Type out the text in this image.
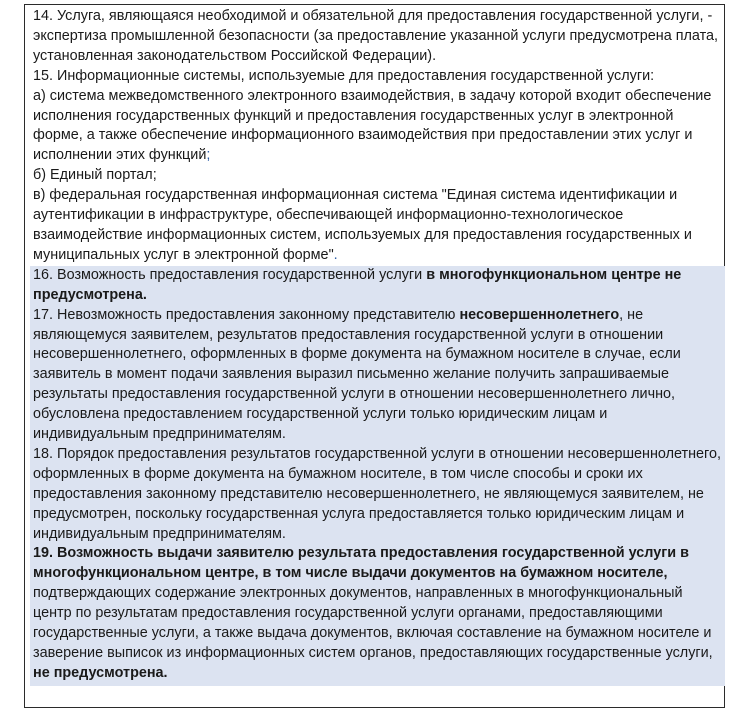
14. Услуга, являющаяся необходимой и обязательной для предоставления государственной услуги, - экспертиза промышленной безопасности (за предоставление указанной услуги предусмотрена плата, установленная законодательством Российской Федерации).

15. Информационные системы, используемые для предоставления государственной услуги:

а) система межведомственного электронного взаимодействия, в задачу которой входит обеспечение исполнения государственных функций и предоставления государственных услуг в электронной форме, а также обеспечение информационного взаимодействия при предоставлении этих услуг и исполнении этих функций;

б) Единый портал;

в) федеральная государственная информационная система "Единая система идентификации и аутентификации в инфраструктуре, обеспечивающей информационно-технологическое взаимодействие информационных систем, используемых для предоставления государственных и муниципальных услуг в электронной форме".

16. Возможность предоставления государственной услуги в многофункциональном центре не предусмотрена.

17. Невозможность предоставления законному представителю несовершеннолетнего, не являющемуся заявителем, результатов предоставления государственной услуги в отношении несовершеннолетнего, оформленных в форме документа на бумажном носителе в случае, если заявитель в момент подачи заявления выразил письменно желание получить запрашиваемые результаты предоставления государственной услуги в отношении несовершеннолетнего лично, обусловлена предоставлением государственной услуги только юридическим лицам и индивидуальным предпринимателям.

18. Порядок предоставления результатов государственной услуги в отношении несовершеннолетнего, оформленных в форме документа на бумажном носителе, в том числе способы и сроки их предоставления законному представителю несовершеннолетнего, не являющемуся заявителем, не предусмотрен, поскольку государственная услуга предоставляется только юридическим лицам и индивидуальным предпринимателям.

19. Возможность выдачи заявителю результата предоставления государственной услуги в многофункциональном центре, в том числе выдачи документов на бумажном носителе, подтверждающих содержание электронных документов, направленных в многофункциональный центр по результатам предоставления государственной услуги органами, предоставляющими государственные услуги, а также выдача документов, включая составление на бумажном носителе и заверение выписок из информационных систем органов, предоставляющих государственные услуги, не предусмотрена.
